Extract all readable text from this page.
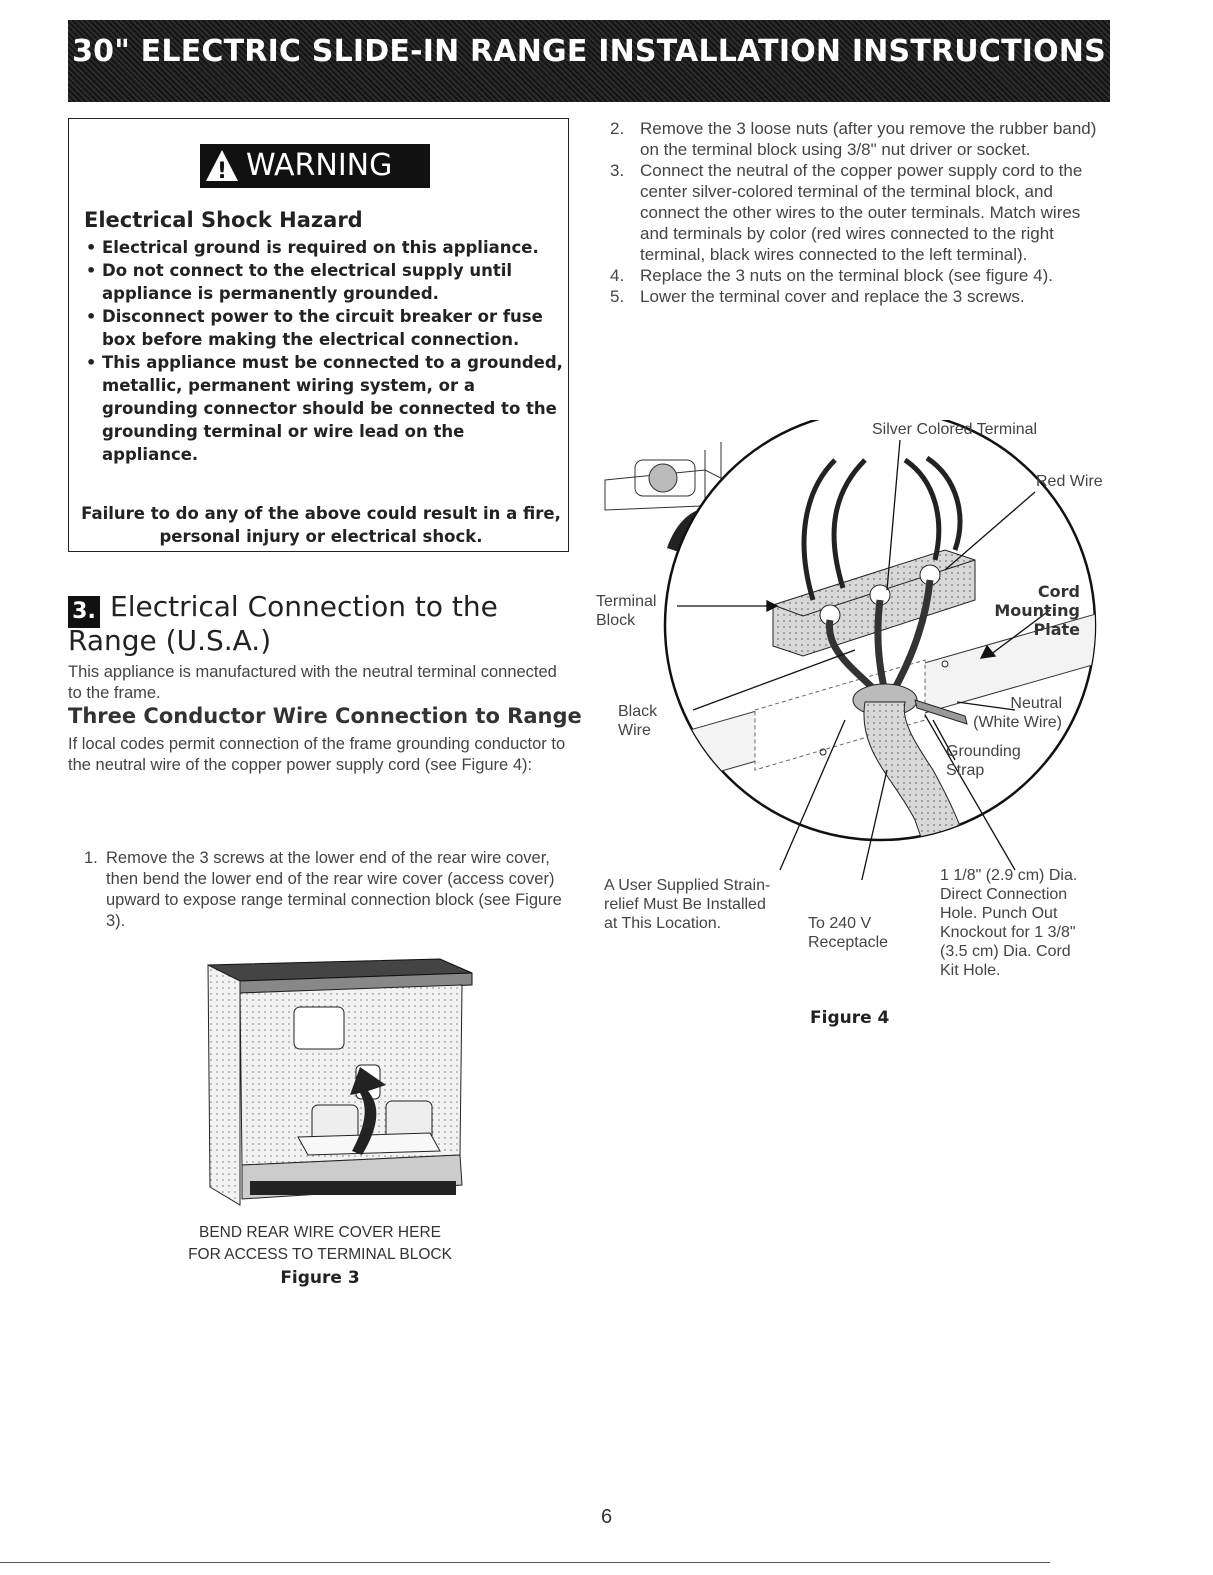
30" ELECTRIC SLIDE-IN RANGE INSTALLATION INSTRUCTIONS
! WARNING
Electrical Shock Hazard
• Electrical ground is required on this appliance.
• Do not connect to the electrical supply until appliance is permanently grounded.
• Disconnect power to the circuit breaker or fuse box before making the electrical connection.
• This appliance must be connected to a grounded, metallic, permanent wiring system, or a grounding connector should be connected to the grounding terminal or wire lead on the appliance.
Failure to do any of the above could result in a fire, personal injury or electrical shock.
3. Electrical Connection to the
Range (U.S.A.)
This appliance is manufactured with the neutral terminal connected to the frame.
Three Conductor Wire Connection to Range
If local codes permit connection of the frame grounding conductor to the neutral wire of the copper power supply cord (see Figure 4):
1. Remove the 3 screws at the lower end of the rear wire cover, then bend the lower end of the rear wire cover (access cover) upward to expose range terminal connection block (see Figure 3).
2. Remove the 3 loose nuts (after you remove the rubber band) on the terminal block using 3/8" nut driver or socket.
3. Connect the neutral of the copper power supply cord to the center silver-colored terminal of the terminal block, and connect the other wires to the outer terminals. Match wires and terminals by color (red wires connected to the right terminal, black wires connected to the left terminal).
4. Replace the 3 nuts on the terminal block (see figure 4).
5. Lower the terminal cover and replace the 3 screws.
BEND REAR WIRE COVER HERE
FOR ACCESS TO TERMINAL BLOCK
Figure 3
Silver Colored Terminal
Red Wire
Terminal
Block
Cord
Mounting
Plate
Black
Wire
Neutral
(White Wire)
Grounding
Strap
A User Supplied Strain-
relief Must Be Installed
at This Location.	To 240 V
Receptacle
1 1/8" (2.9 cm) Dia.
Direct Connection
Hole. Punch Out
Knockout for 1 3/8"
(3.5 cm) Dia. Cord
Kit Hole.
Figure 4
6
